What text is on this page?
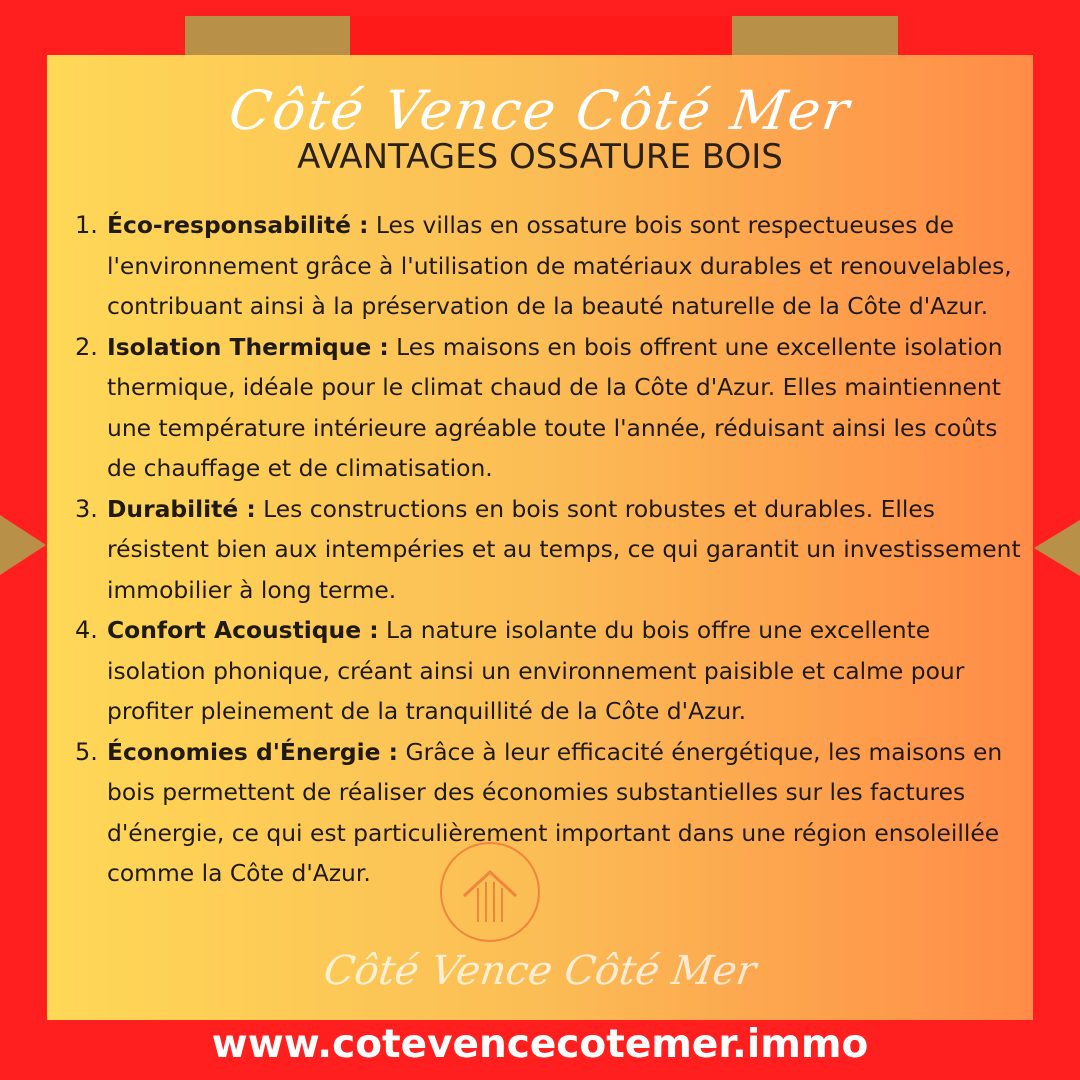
Côté Vence Côté Mer

AVANTAGES OSSATURE BOIS
1. Éco-responsabilité : Les villas en ossature bois sont respectueuses de l'environnement grâce à l'utilisation de matériaux durables et renouvelables, contribuant ainsi à la préservation de la beauté naturelle de la Côte d'Azur.
2. Isolation Thermique : Les maisons en bois offrent une excellente isolation thermique, idéale pour le climat chaud de la Côte d'Azur. Elles maintiennent une température intérieure agréable toute l'année, réduisant ainsi les coûts de chauffage et de climatisation.
3. Durabilité : Les constructions en bois sont robustes et durables. Elles résistent bien aux intempéries et au temps, ce qui garantit un investissement immobilier à long terme.
4. Confort Acoustique : La nature isolante du bois offre une excellente isolation phonique, créant ainsi un environnement paisible et calme pour profiter pleinement de la tranquillité de la Côte d'Azur.
5. Économies d'Énergie : Grâce à leur efficacité énergétique, les maisons en bois permettent de réaliser des économies substantielles sur les factures d'énergie, ce qui est particulièrement important dans une région ensoleillée comme la Côte d'Azur.

Côté Vence Côté Mer

www.cotevencecotemer.immo
